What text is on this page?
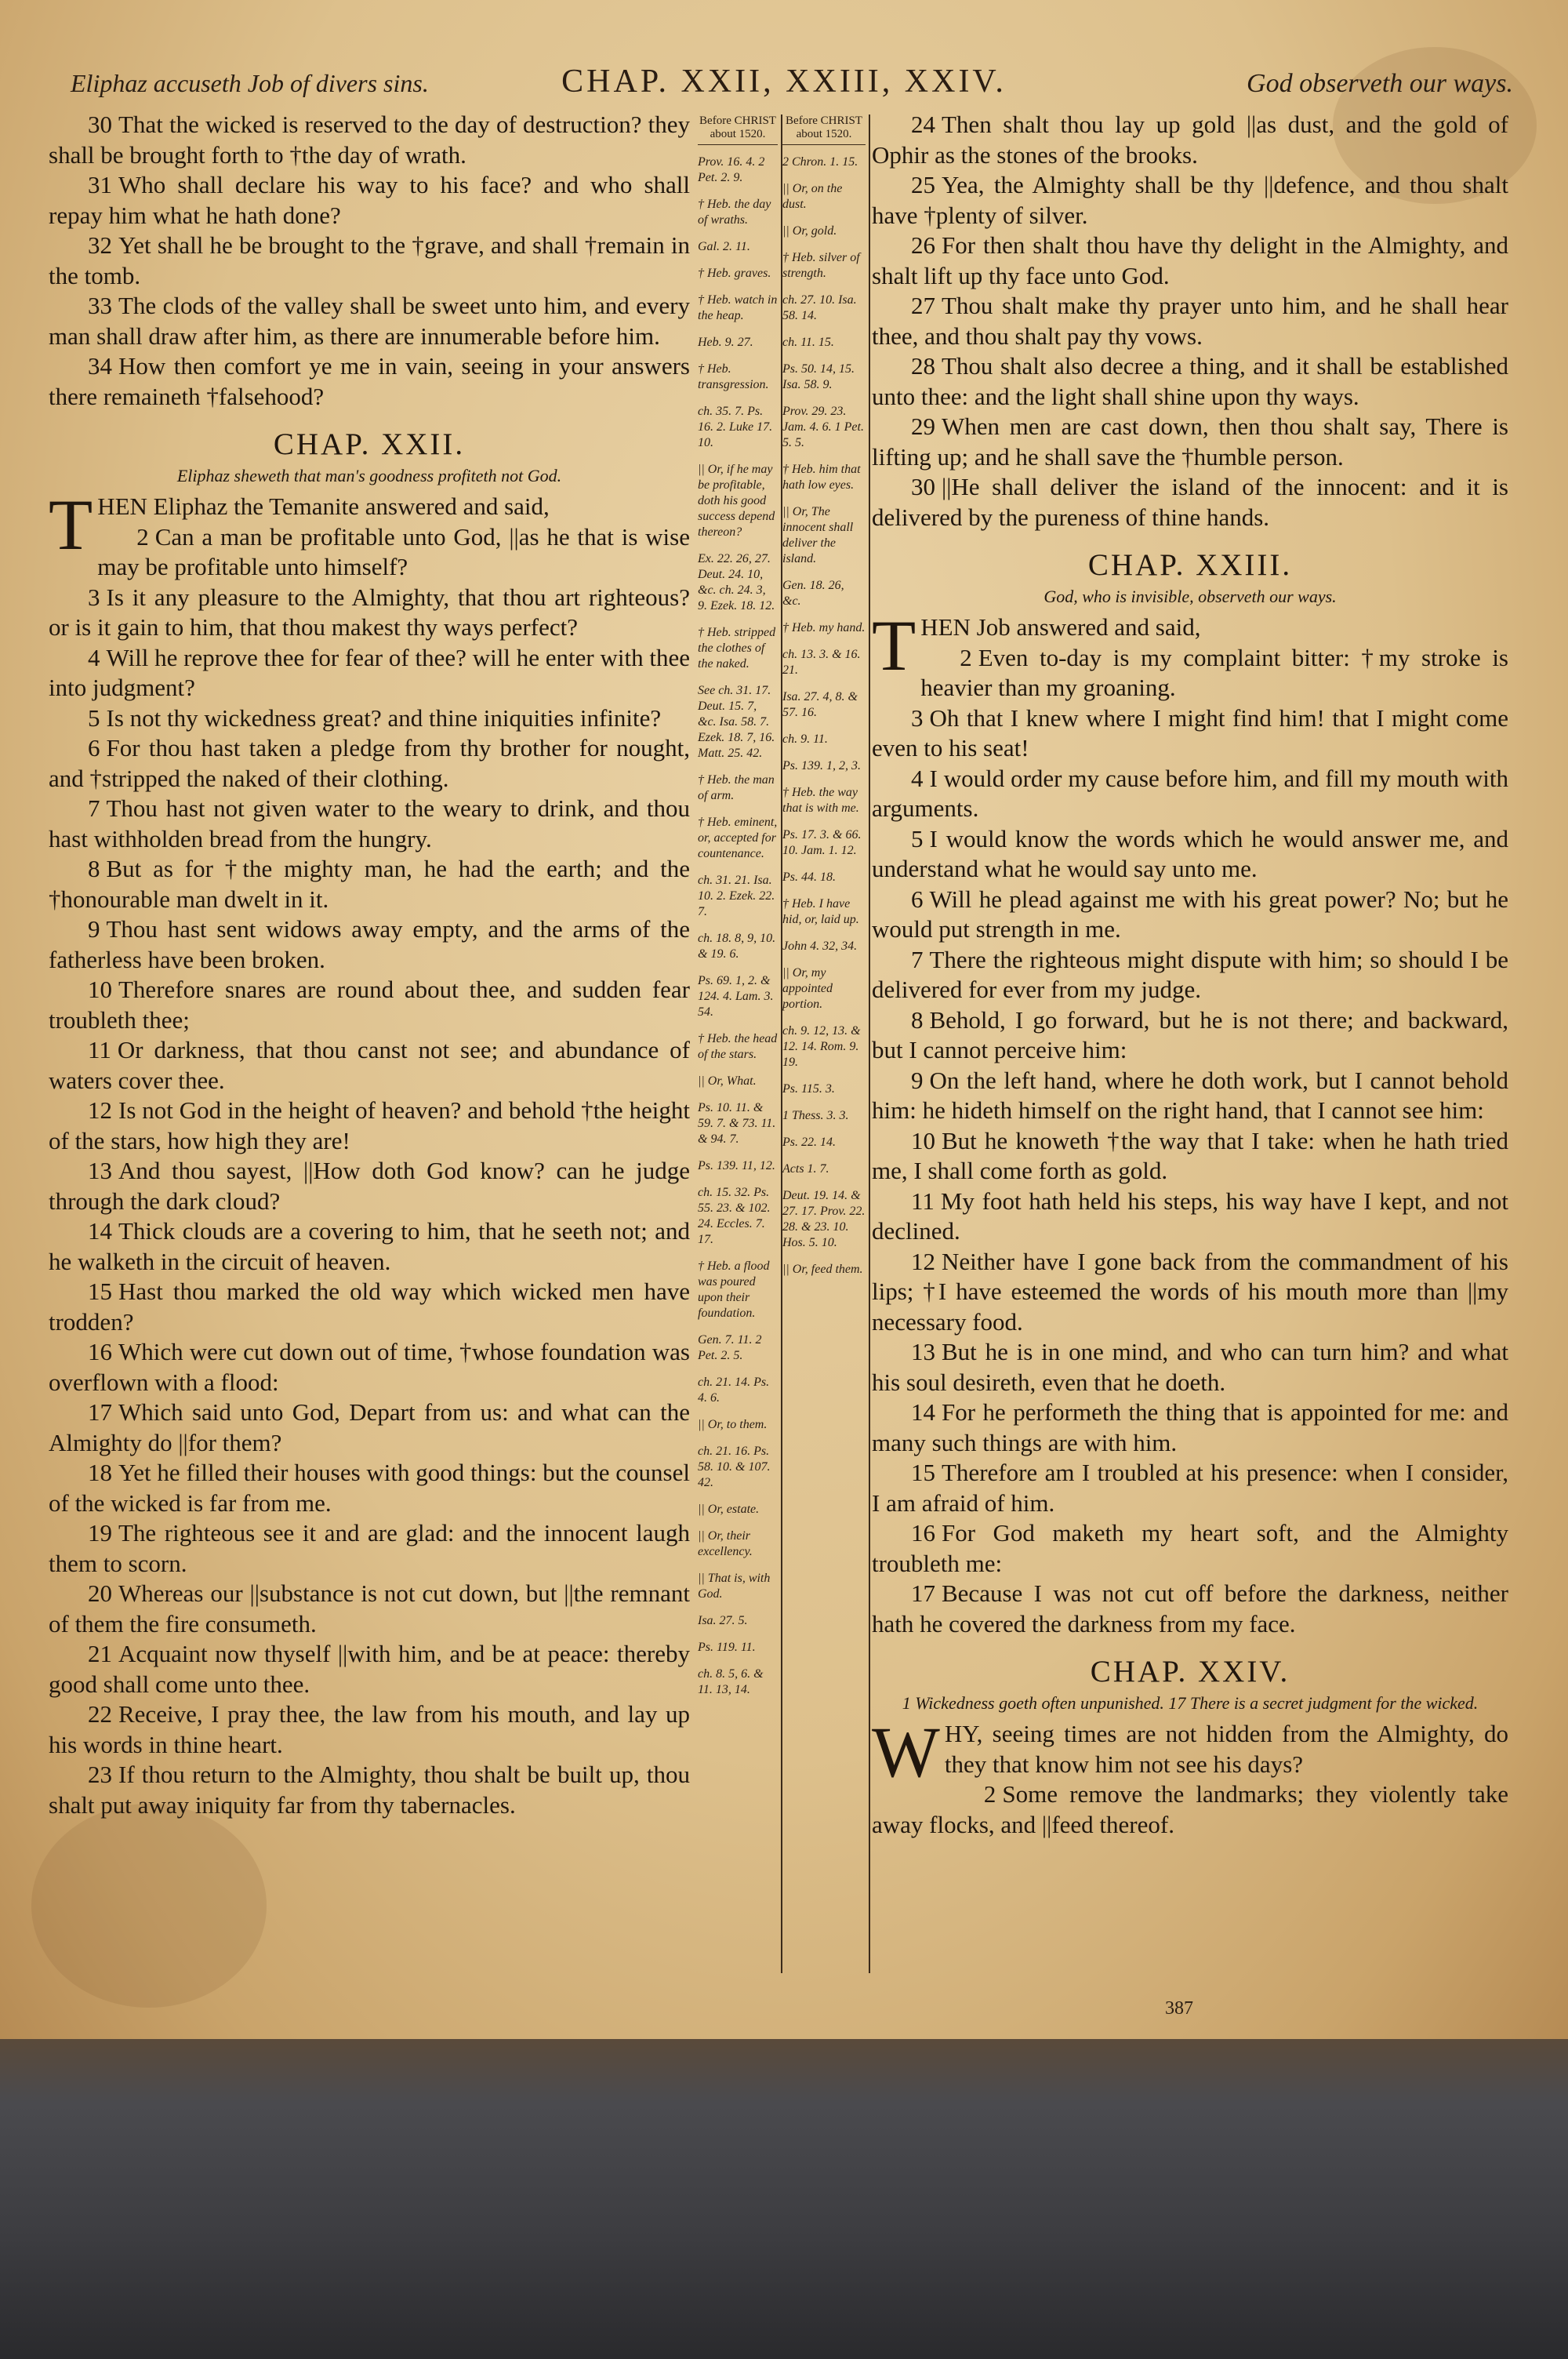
Eliphaz accuseth Job of divers sins.	CHAP. XXII, XXIII, XXIV.	God observeth our ways.

30 That the wicked is reserved to the day of destruction? they shall be brought forth to †the day of wrath.

31 Who shall declare his way to his face? and who shall repay him what he hath done?

32 Yet shall he be brought to the †grave, and shall †remain in the tomb.

33 The clods of the valley shall be sweet unto him, and every man shall draw after him, as there are innumerable before him.

34 How then comfort ye me in vain, seeing in your answers there remaineth †falsehood?

CHAP. XXII.
Eliphaz sheweth that man's goodness profiteth not God.

THEN Eliphaz the Temanite answered and said,

2 Can a man be profitable unto God, ||as he that is wise may be profitable unto himself?

3 Is it any pleasure to the Almighty, that thou art righteous? or is it gain to him, that thou makest thy ways perfect?

4 Will he reprove thee for fear of thee? will he enter with thee into judgment?

5 Is not thy wickedness great? and thine iniquities infinite?

6 For thou hast taken a pledge from thy brother for nought, and †stripped the naked of their clothing.

7 Thou hast not given water to the weary to drink, and thou hast withholden bread from the hungry.

8 But as for †the mighty man, he had the earth; and the †honourable man dwelt in it.

9 Thou hast sent widows away empty, and the arms of the fatherless have been broken.

10 Therefore snares are round about thee, and sudden fear troubleth thee;

11 Or darkness, that thou canst not see; and abundance of waters cover thee.

12 Is not God in the height of heaven? and behold †the height of the stars, how high they are!

13 And thou sayest, ||How doth God know? can he judge through the dark cloud?

14 Thick clouds are a covering to him, that he seeth not; and he walketh in the circuit of heaven.

15 Hast thou marked the old way which wicked men have trodden?

16 Which were cut down out of time, †whose foundation was overflown with a flood:

17 Which said unto God, Depart from us: and what can the Almighty do ||for them?

18 Yet he filled their houses with good things: but the counsel of the wicked is far from me.

19 The righteous see it and are glad: and the innocent laugh them to scorn.

20 Whereas our ||substance is not cut down, but ||the remnant of them the fire consumeth.

21 Acquaint now thyself ||with him, and be at peace: thereby good shall come unto thee.

22 Receive, I pray thee, the law from his mouth, and lay up his words in thine heart.

23 If thou return to the Almighty, thou shalt be built up, thou shalt put away iniquity far from thy tabernacles.

Before CHRIST about 1520.
Prov. 16. 4. 2 Pet. 2. 9.
† Heb. the day of wraths.
Gal. 2. 11.
† Heb. graves.
† Heb. watch in the heap.
Heb. 9. 27.
† Heb. transgression.
ch. 35. 7. Ps. 16. 2. Luke 17. 10.
|| Or, if he may be profitable, doth his good success depend thereon?
Ex. 22. 26, 27. Deut. 24. 10, &c. ch. 24. 3, 9. Ezek. 18. 12.
† Heb. stripped the clothes of the naked.
See ch. 31. 17. Deut. 15. 7, &c. Isa. 58. 7. Ezek. 18. 7, 16. Matt. 25. 42.
† Heb. the man of arm.
† Heb. eminent, or, accepted for countenance.
ch. 31. 21. Isa. 10. 2. Ezek. 22. 7.
ch. 18. 8, 9, 10. & 19. 6.
Ps. 69. 1, 2. & 124. 4. Lam. 3. 54.
† Heb. the head of the stars.
|| Or, What.
Ps. 10. 11. & 59. 7. & 73. 11. & 94. 7.
Ps. 139. 11, 12.
ch. 15. 32. Ps. 55. 23. & 102. 24. Eccles. 7. 17.
† Heb. a flood was poured upon their foundation.
Gen. 7. 11. 2 Pet. 2. 5.
ch. 21. 14. Ps. 4. 6.
|| Or, to them.
ch. 21. 16. Ps. 58. 10. & 107. 42.
|| Or, estate.
|| Or, their excellency.
|| That is, with God.
Isa. 27. 5.
Ps. 119. 11.
ch. 8. 5, 6. & 11. 13, 14.
Before CHRIST about 1520.
2 Chron. 1. 15.
|| Or, on the dust.
|| Or, gold.
† Heb. silver of strength.
ch. 27. 10. Isa. 58. 14.
ch. 11. 15.
Ps. 50. 14, 15. Isa. 58. 9.
Prov. 29. 23. Jam. 4. 6. 1 Pet. 5. 5.
† Heb. him that hath low eyes.
|| Or, The innocent shall deliver the island.
Gen. 18. 26, &c.
† Heb. my hand.
ch. 13. 3. & 16. 21.
Isa. 27. 4, 8. & 57. 16.
ch. 9. 11.
Ps. 139. 1, 2, 3.
† Heb. the way that is with me.
Ps. 17. 3. & 66. 10. Jam. 1. 12.
Ps. 44. 18.
† Heb. I have hid, or, laid up.
John 4. 32, 34.
|| Or, my appointed portion.
ch. 9. 12, 13. & 12. 14. Rom. 9. 19.
Ps. 115. 3.
1 Thess. 3. 3.
Ps. 22. 14.
Acts 1. 7.
Deut. 19. 14. & 27. 17. Prov. 22. 28. & 23. 10. Hos. 5. 10.
|| Or, feed them.

24 Then shalt thou lay up gold ||as dust, and the gold of Ophir as the stones of the brooks.

25 Yea, the Almighty shall be thy ||defence, and thou shalt have †plenty of silver.

26 For then shalt thou have thy delight in the Almighty, and shalt lift up thy face unto God.

27 Thou shalt make thy prayer unto him, and he shall hear thee, and thou shalt pay thy vows.

28 Thou shalt also decree a thing, and it shall be established unto thee: and the light shall shine upon thy ways.

29 When men are cast down, then thou shalt say, There is lifting up; and he shall save the †humble person.

30 ||He shall deliver the island of the innocent: and it is delivered by the pureness of thine hands.

CHAP. XXIII.
God, who is invisible, observeth our ways.

THEN Job answered and said,

2 Even to-day is my complaint bitter: †my stroke is heavier than my groaning.

3 Oh that I knew where I might find him! that I might come even to his seat!

4 I would order my cause before him, and fill my mouth with arguments.

5 I would know the words which he would answer me, and understand what he would say unto me.

6 Will he plead against me with his great power? No; but he would put strength in me.

7 There the righteous might dispute with him; so should I be delivered for ever from my judge.

8 Behold, I go forward, but he is not there; and backward, but I cannot perceive him:

9 On the left hand, where he doth work, but I cannot behold him: he hideth himself on the right hand, that I cannot see him:

10 But he knoweth †the way that I take: when he hath tried me, I shall come forth as gold.

11 My foot hath held his steps, his way have I kept, and not declined.

12 Neither have I gone back from the commandment of his lips; †I have esteemed the words of his mouth more than ||my necessary food.

13 But he is in one mind, and who can turn him? and what his soul desireth, even that he doeth.

14 For he performeth the thing that is appointed for me: and many such things are with him.

15 Therefore am I troubled at his presence: when I consider, I am afraid of him.

16 For God maketh my heart soft, and the Almighty troubleth me:

17 Because I was not cut off before the darkness, neither hath he covered the darkness from my face.

CHAP. XXIV.
1 Wickedness goeth often unpunished. 17 There is a secret judgment for the wicked.

WHY, seeing times are not hidden from the Almighty, do they that know him not see his days?

2 Some remove the landmarks; they violently take away flocks, and ||feed thereof.

387
